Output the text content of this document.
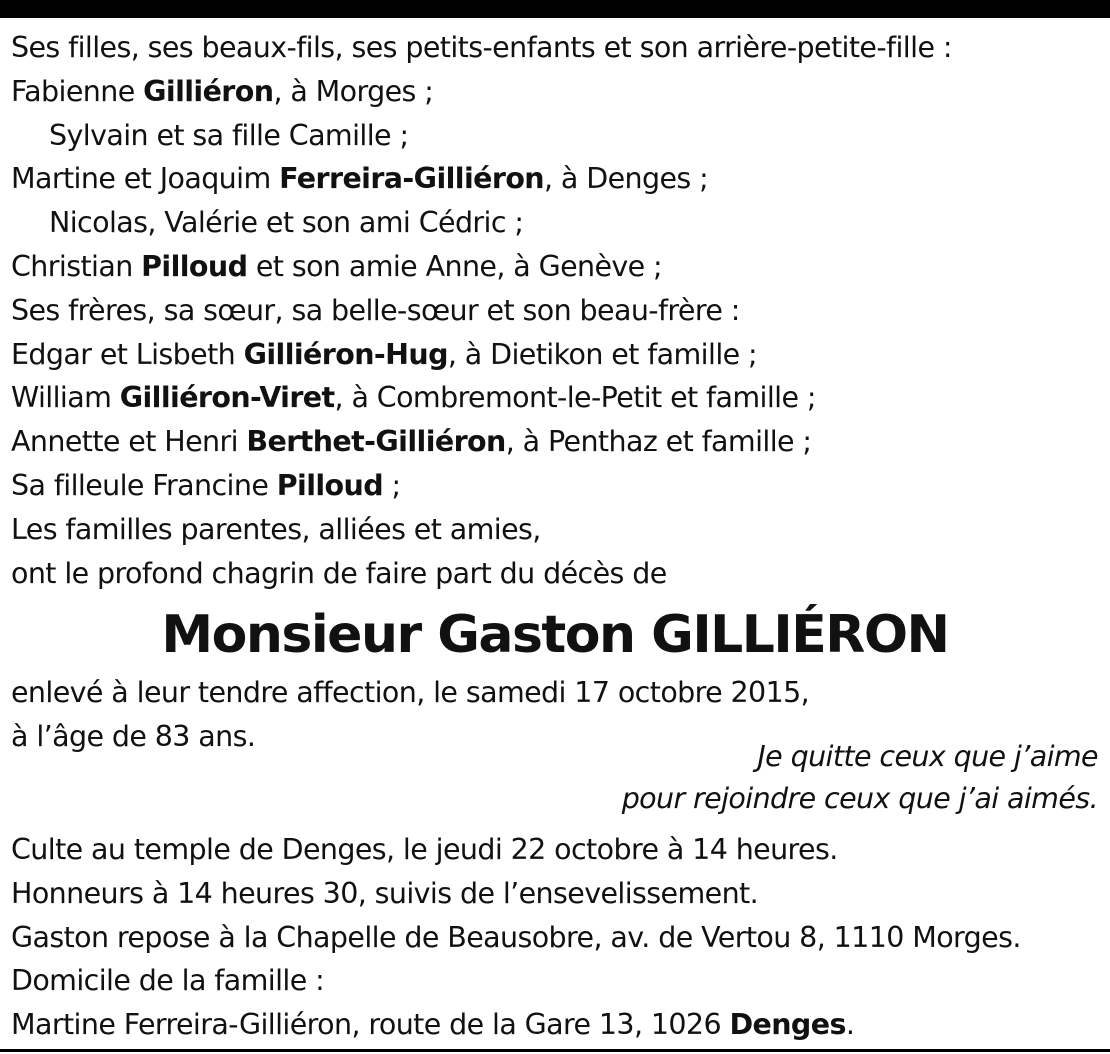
Ses filles, ses beaux-fils, ses petits-enfants et son arrière-petite-fille :
Fabienne Gilliéron, à Morges ;
Sylvain et sa fille Camille ;
Martine et Joaquim Ferreira-Gilliéron, à Denges ;
Nicolas, Valérie et son ami Cédric ;
Christian Pilloud et son amie Anne, à Genève ;
Ses frères, sa sœur, sa belle-sœur et son beau-frère :
Edgar et Lisbeth Gilliéron-Hug, à Dietikon et famille ;
William Gilliéron-Viret, à Combremont-le-Petit et famille ;
Annette et Henri Berthet-Gilliéron, à Penthaz et famille ;
Sa filleule Francine Pilloud ;
Les familles parentes, alliées et amies,
ont le profond chagrin de faire part du décès de
Monsieur Gaston GILLIÉRON
enlevé à leur tendre affection, le samedi 17 octobre 2015,
à l’âge de 83 ans.
Je quitte ceux que j’aime
pour rejoindre ceux que j’ai aimés.
Culte au temple de Denges, le jeudi 22 octobre à 14 heures.
Honneurs à 14 heures 30, suivis de l’ensevelissement.
Gaston repose à la Chapelle de Beausobre, av. de Vertou 8, 1110 Morges.
Domicile de la famille :
Martine Ferreira-Gilliéron, route de la Gare 13, 1026 Denges.
